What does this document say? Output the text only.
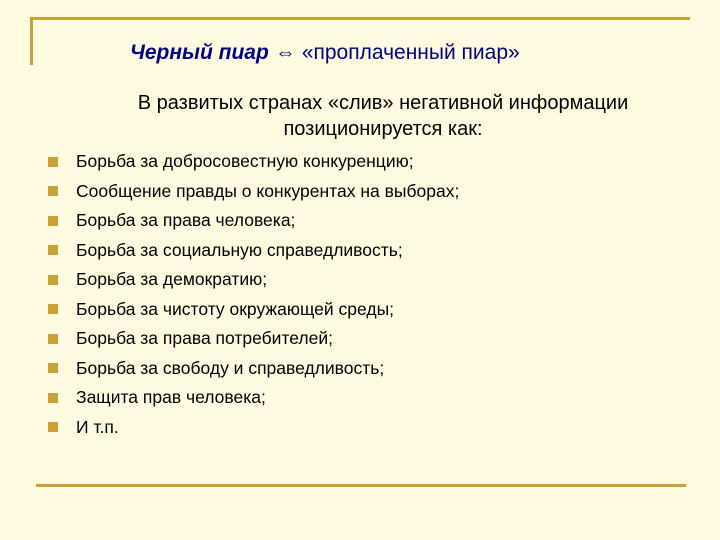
Черный пиар ⇔ «проплаченный пиар»
В развитых странах «слив» негативной информации
позиционируется как:
Борьба за добросовестную конкуренцию;
Сообщение правды о конкурентах на выборах;
Борьба за права человека;
Борьба за социальную справедливость;
Борьба за демократию;
Борьба за чистоту окружающей среды;
Борьба за права потребителей;
Борьба за свободу и справедливость;
Защита прав человека;
И т.п.
